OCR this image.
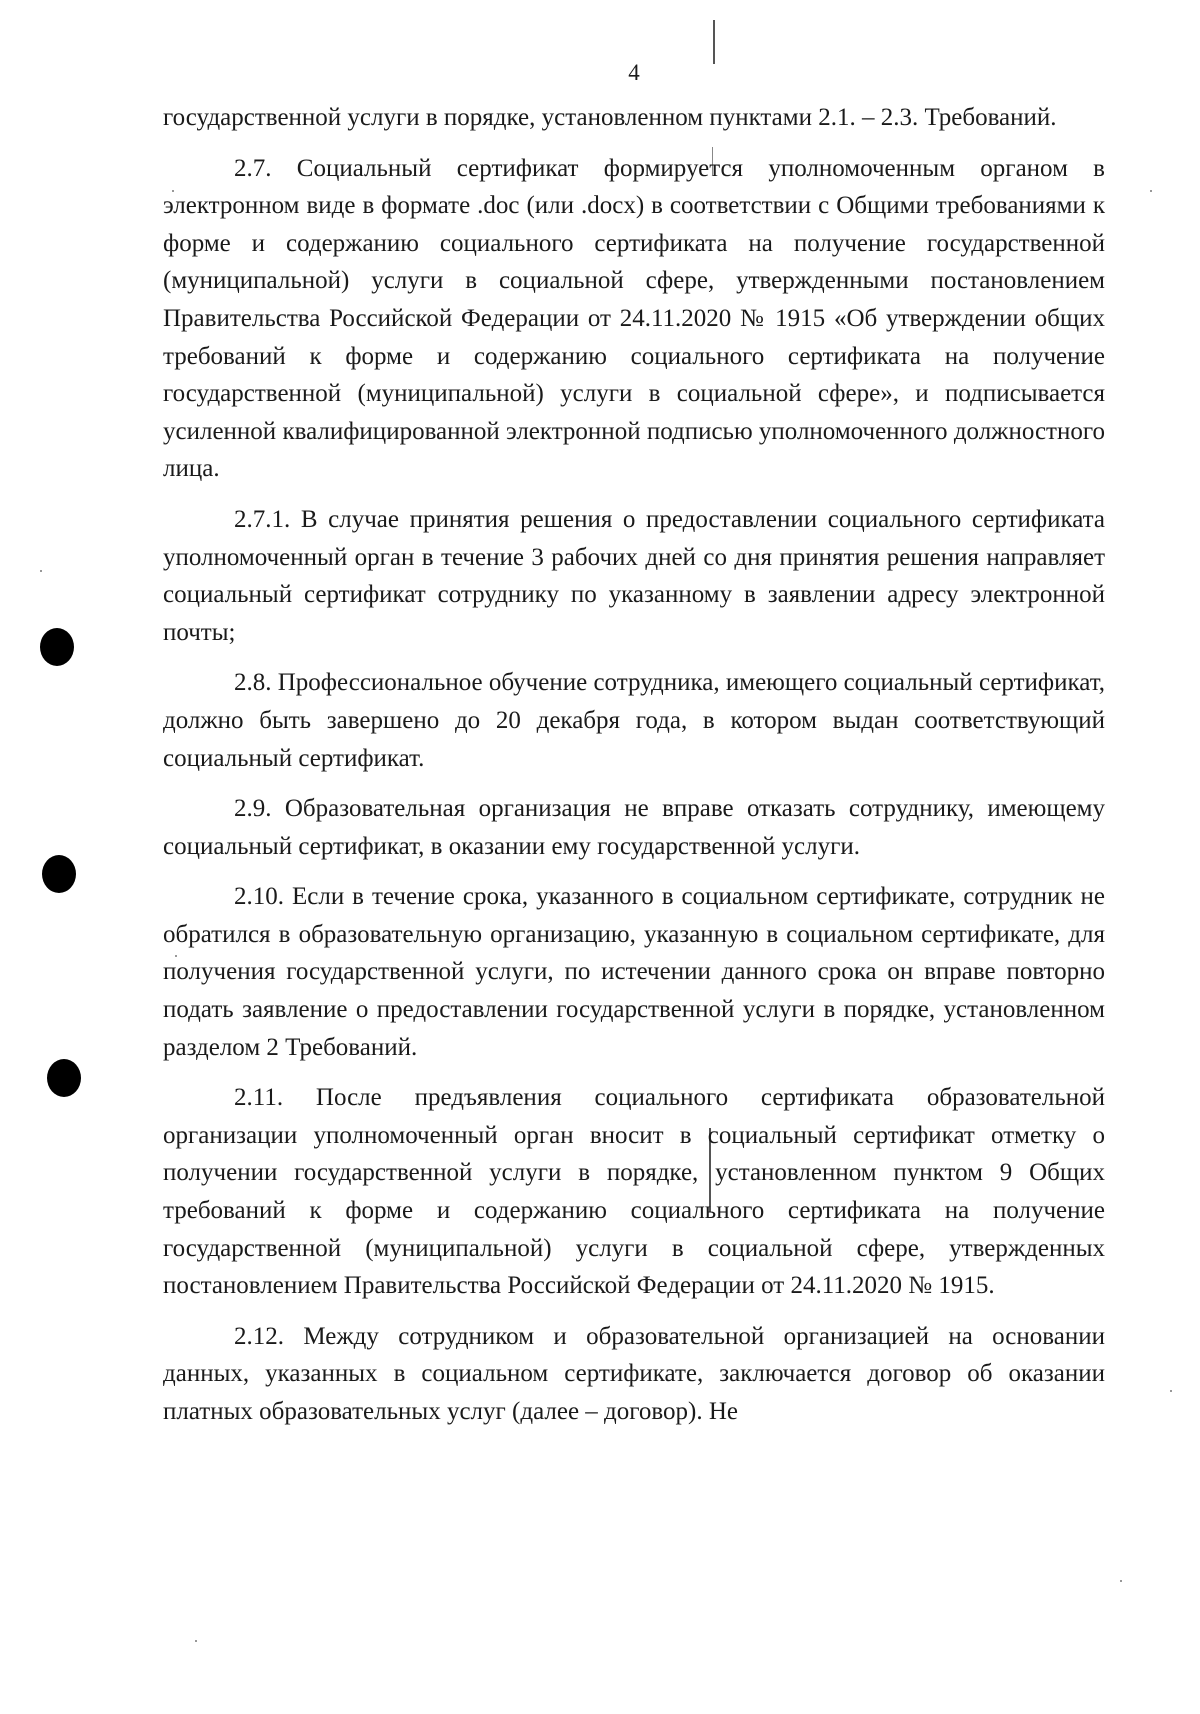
4

государственной услуги в порядке, установленном пунктами 2.1. – 2.3. Требований.

2.7. Социальный сертификат формируется уполномоченным органом в электронном виде в формате .doc (или .docx) в соответствии с Общими требованиями к форме и содержанию социального сертификата на получение государственной (муниципальной) услуги в социальной сфере, утвержденными постановлением Правительства Российской Федерации от 24.11.2020 № 1915 «Об утверждении общих требований к форме и содержанию социального сертификата на получение государственной (муниципальной) услуги в социальной сфере», и подписывается усиленной квалифицированной электронной подписью уполномоченного должностного лица.

2.7.1. В случае принятия решения о предоставлении социального сертификата уполномоченный орган в течение 3 рабочих дней со дня принятия решения направляет социальный сертификат сотруднику по указанному в заявлении адресу электронной почты;

2.8. Профессиональное обучение сотрудника, имеющего социальный сертификат, должно быть завершено до 20 декабря года, в котором выдан соответствующий социальный сертификат.

2.9. Образовательная организация не вправе отказать сотруднику, имеющему социальный сертификат, в оказании ему государственной услуги.

2.10. Если в течение срока, указанного в социальном сертификате, сотрудник не обратился в образовательную организацию, указанную в социальном сертификате, для получения государственной услуги, по истечении данного срока он вправе повторно подать заявление о предоставлении государственной услуги в порядке, установленном разделом 2 Требований.

2.11. После предъявления социального сертификата образовательной организации уполномоченный орган вносит в социальный сертификат отметку о получении государственной услуги в порядке, установленном пунктом 9 Общих требований к форме и содержанию социального сертификата на получение государственной (муниципальной) услуги в социальной сфере, утвержденных постановлением Правительства Российской Федерации от 24.11.2020 № 1915.

2.12. Между сотрудником и образовательной организацией на основании данных, указанных в социальном сертификате, заключается договор об оказании платных образовательных услуг (далее – договор). Не
